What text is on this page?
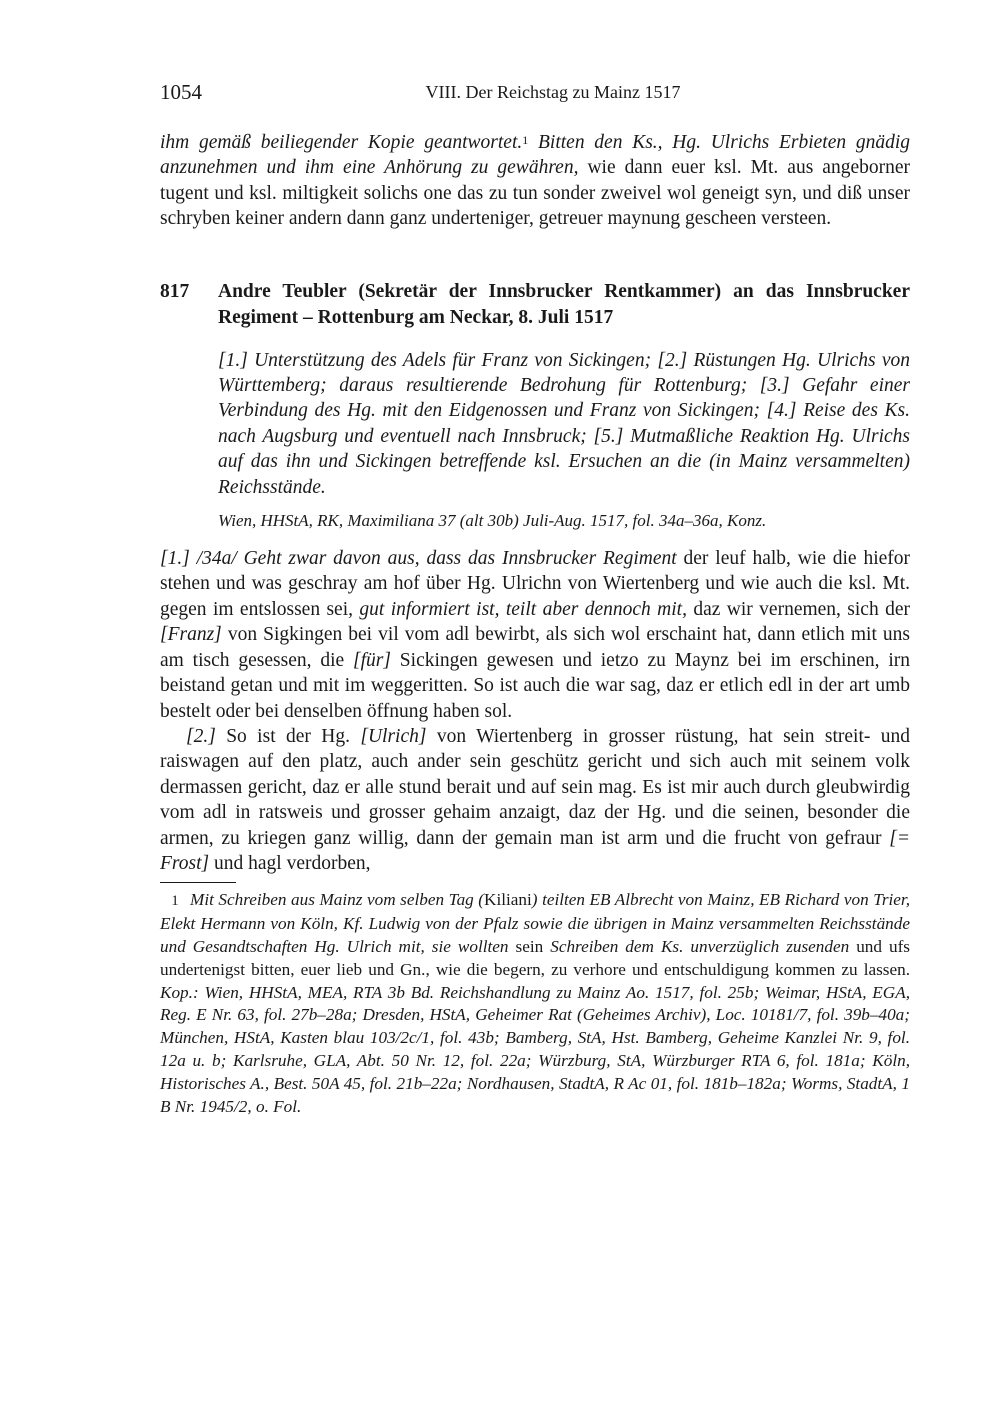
1054	VIII. Der Reichstag zu Mainz 1517

ihm gemäß beiliegender Kopie geantwortet.$^1$ Bitten den Ks., Hg. Ulrichs Erbieten gnädig anzunehmen und ihm eine Anhörung zu gewähren, wie dann euer ksl. Mt. aus angeborner tugent und ksl. miltigkeit solichs one das zu tun sonder zweivel wol geneigt syn, und diß unser schryben keiner andern dann ganz underteniger, getreuer maynung gescheen versteen.

817	Andre Teubler (Sekretär der Innsbrucker Rentkammer) an das Innsbrucker Regiment – Rottenburg am Neckar, 8. Juli 1517

[1.] Unterstützung des Adels für Franz von Sickingen; [2.] Rüstungen Hg. Ulrichs von Württemberg; daraus resultierende Bedrohung für Rottenburg; [3.] Gefahr einer Verbindung des Hg. mit den Eidgenossen und Franz von Sickingen; [4.] Reise des Ks. nach Augsburg und eventuell nach Innsbruck; [5.] Mutmaßliche Reaktion Hg. Ulrichs auf das ihn und Sickingen betreffende ksl. Ersuchen an die (in Mainz versammelten) Reichsstände.

Wien, HHStA, RK, Maximiliana 37 (alt 30b) Juli-Aug. 1517, fol. 34a–36a, Konz.

[1.] /34a/ Geht zwar davon aus, dass das Innsbrucker Regiment der leuf halb, wie die hiefor stehen und was geschray am hof über Hg. Ulrichn von Wiertenberg und wie auch die ksl. Mt. gegen im entslossen sei, gut informiert ist, teilt aber dennoch mit, daz wir vernemen, sich der [Franz] von Sigkingen bei vil vom adl bewirbt, als sich wol erschaint hat, dann etlich mit uns am tisch gesessen, die [für] Sickingen gewesen und ietzo zu Maynz bei im erschinen, irn beistand getan und mit im weggeritten. So ist auch die war sag, daz er etlich edl in der art umb bestelt oder bei denselben öffnung haben sol.

[2.] So ist der Hg. [Ulrich] von Wiertenberg in grosser rüstung, hat sein streit- und raiswagen auf den platz, auch ander sein geschütz gericht und sich auch mit seinem volk dermassen gericht, daz er alle stund berait und auf sein mag. Es ist mir auch durch gleubwirdig vom adl in ratsweis und grosser gehaim anzaigt, daz der Hg. und die seinen, besonder die armen, zu kriegen ganz willig, dann der gemain man ist arm und die frucht von gefraur [= Frost] und hagl verdorben,

1 Mit Schreiben aus Mainz vom selben Tag (Kiliani) teilten EB Albrecht von Mainz, EB Richard von Trier, Elekt Hermann von Köln, Kf. Ludwig von der Pfalz sowie die übrigen in Mainz versammelten Reichsstände und Gesandtschaften Hg. Ulrich mit, sie wollten sein Schreiben dem Ks. unverzüglich zusenden und ufs undertenigst bitten, euer lieb und Gn., wie die begern, zu verhore und entschuldigung kommen zu lassen. Kop.: Wien, HHStA, MEA, RTA 3b Bd. Reichshandlung zu Mainz Ao. 1517, fol. 25b; Weimar, HStA, EGA, Reg. E Nr. 63, fol. 27b–28a; Dresden, HStA, Geheimer Rat (Geheimes Archiv), Loc. 10181/7, fol. 39b–40a; München, HStA, Kasten blau 103/2c/1, fol. 43b; Bamberg, StA, Hst. Bamberg, Geheime Kanzlei Nr. 9, fol. 12a u. b; Karlsruhe, GLA, Abt. 50 Nr. 12, fol. 22a; Würzburg, StA, Würzburger RTA 6, fol. 181a; Köln, Historisches A., Best. 50A 45, fol. 21b–22a; Nordhausen, StadtA, R Ac 01, fol. 181b–182a; Worms, StadtA, 1 B Nr. 1945/2, o. Fol.
